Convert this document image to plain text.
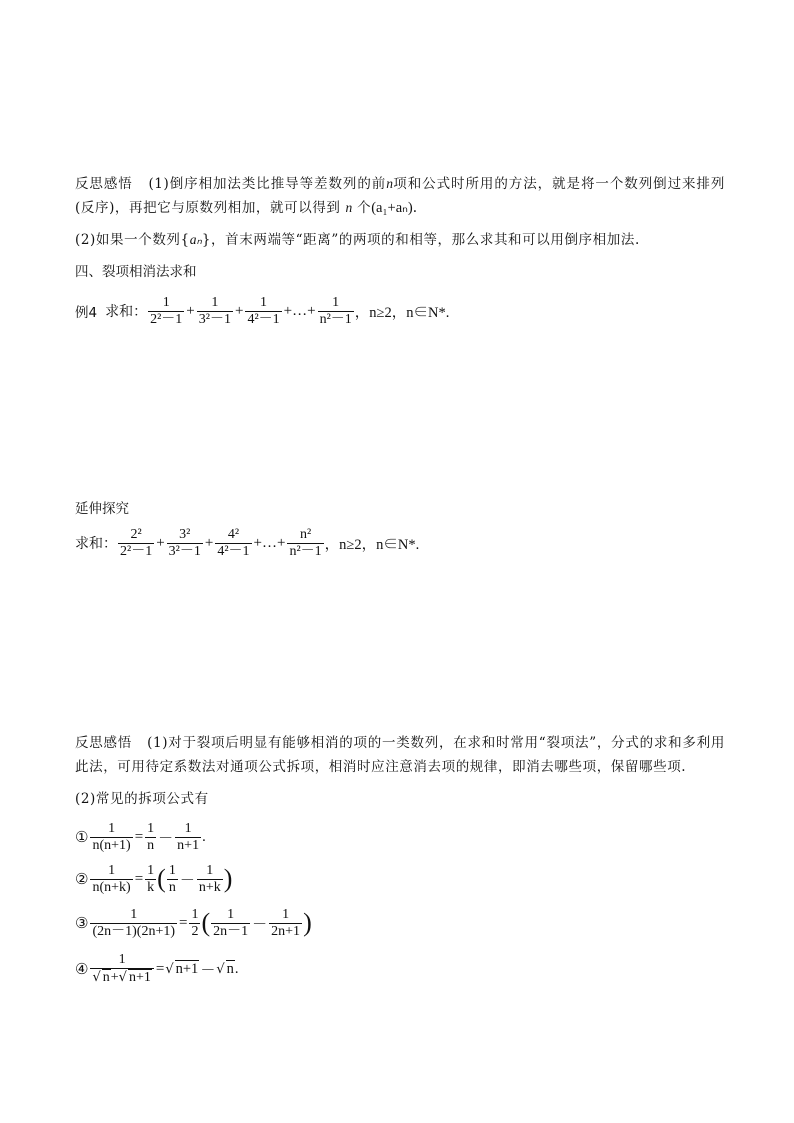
反思感悟 (1)倒序相加法类比推导等差数列的前n项和公式时所用的方法，就是将一个数列倒过来排列(反序)，再把它与原数列相加，就可以得到 n 个(a₁+aₙ).
(2)如果一个数列{aₙ}，首末两端等“距离”的两项的和相等，那么求其和可以用倒序相加法.
四、裂项相消法求和
例4 求和： $\frac{1}{\text{2²－1}} + \frac{1}{\text{3²－1}} + \frac{1}{\text{4²－1}}$ +…+ $\frac{1}{\text{n²－1}}$ ，n≥2，n∈N*.
延伸探究
求和： $\frac{\text{2²}}{\text{2²－1}} + \frac{\text{3²}}{\text{3²－1}} + \frac{\text{4²}}{\text{4²－1}}$ +…+ $\frac{\text{n²}}{\text{n²－1}}$ ，n≥2，n∈N*.
反思感悟 (1)对于裂项后明显有能够相消的项的一类数列，在求和时常用“裂项法”，分式的求和多利用此法，可用待定系数法对通项公式拆项，相消时应注意消去项的规律，即消去哪些项，保留哪些项.
(2)常见的拆项公式有
① $\frac{1}{n(n+1)} = \frac{1}{n} - \frac{1}{n+1}$ .
② $\frac{1}{n(n+k)} = \frac{1}{k}$ ( $\frac{1}{n} - \frac{1}{n+k}$ )
③ $\frac{1}{(2n-1)(2n+1)} = \frac{1}{2}$ ( $\frac{1}{2n-1} - \frac{1}{2n+1}$ )
④ $\frac{1}{√ n+√ n+1}$ = √ n+1 － √ n .
